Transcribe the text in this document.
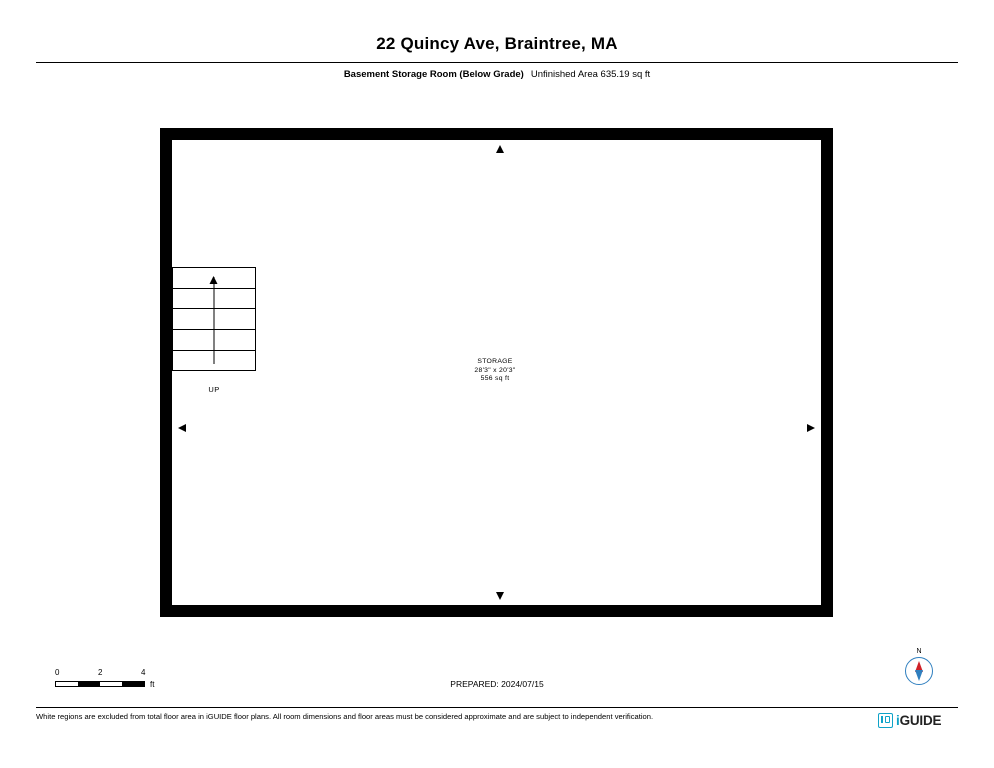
22 Quincy Ave, Braintree, MA
Basement Storage Room (Below Grade) Unfinished Area 635.19 sq ft
UP
STORAGE
28'3" x 20'3"
556 sq ft
0	2	4
ft	PREPARED: 2024/07/15
N
White regions are excluded from total floor area in iGUIDE floor plans. All room dimensions and floor areas must be considered approximate and are subject to independent verification.	iGUIDE
